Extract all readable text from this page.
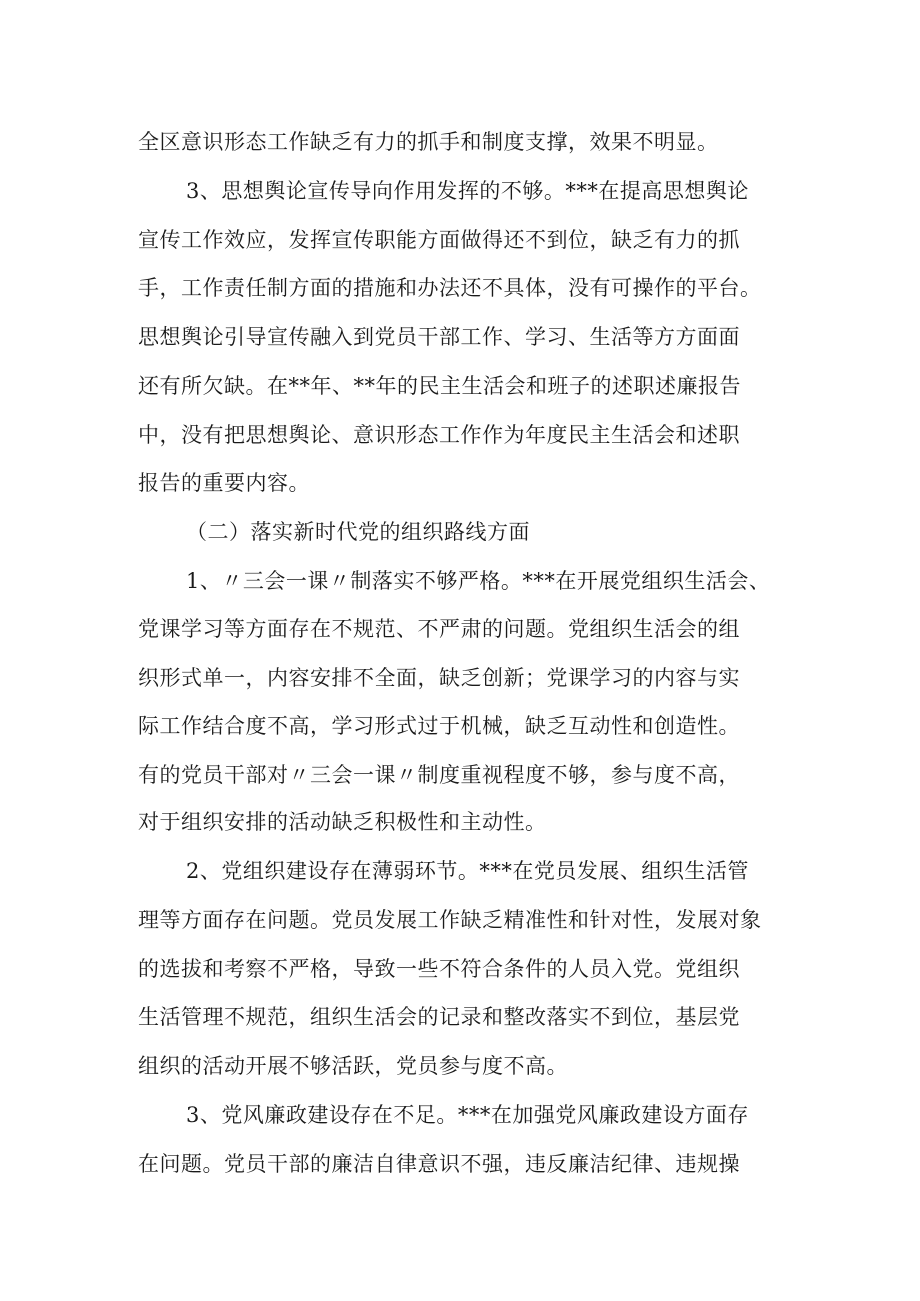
全区意识形态工作缺乏有力的抓手和制度支撑，效果不明显。
3、思想舆论宣传导向作用发挥的不够。***在提高思想舆论
宣传工作效应，发挥宣传职能方面做得还不到位，缺乏有力的抓
手，工作责任制方面的措施和办法还不具体，没有可操作的平台。
思想舆论引导宣传融入到党员干部工作、学习、生活等方方面面
还有所欠缺。在**年、**年的民主生活会和班子的述职述廉报告
中，没有把思想舆论、意识形态工作作为年度民主生活会和述职
报告的重要内容。
（二）落实新时代党的组织路线方面
1、〃三会一课〃制落实不够严格。***在开展党组织生活会、
党课学习等方面存在不规范、不严肃的问题。党组织生活会的组
织形式单一，内容安排不全面，缺乏创新；党课学习的内容与实
际工作结合度不高，学习形式过于机械，缺乏互动性和创造性。
有的党员干部对〃三会一课〃制度重视程度不够，参与度不高，
对于组织安排的活动缺乏积极性和主动性。
2、党组织建设存在薄弱环节。***在党员发展、组织生活管
理等方面存在问题。党员发展工作缺乏精准性和针对性，发展对象
的选拔和考察不严格，导致一些不符合条件的人员入党。党组织
生活管理不规范，组织生活会的记录和整改落实不到位，基层党
组织的活动开展不够活跃，党员参与度不高。
3、党风廉政建设存在不足。***在加强党风廉政建设方面存
在问题。党员干部的廉洁自律意识不强，违反廉洁纪律、违规操
